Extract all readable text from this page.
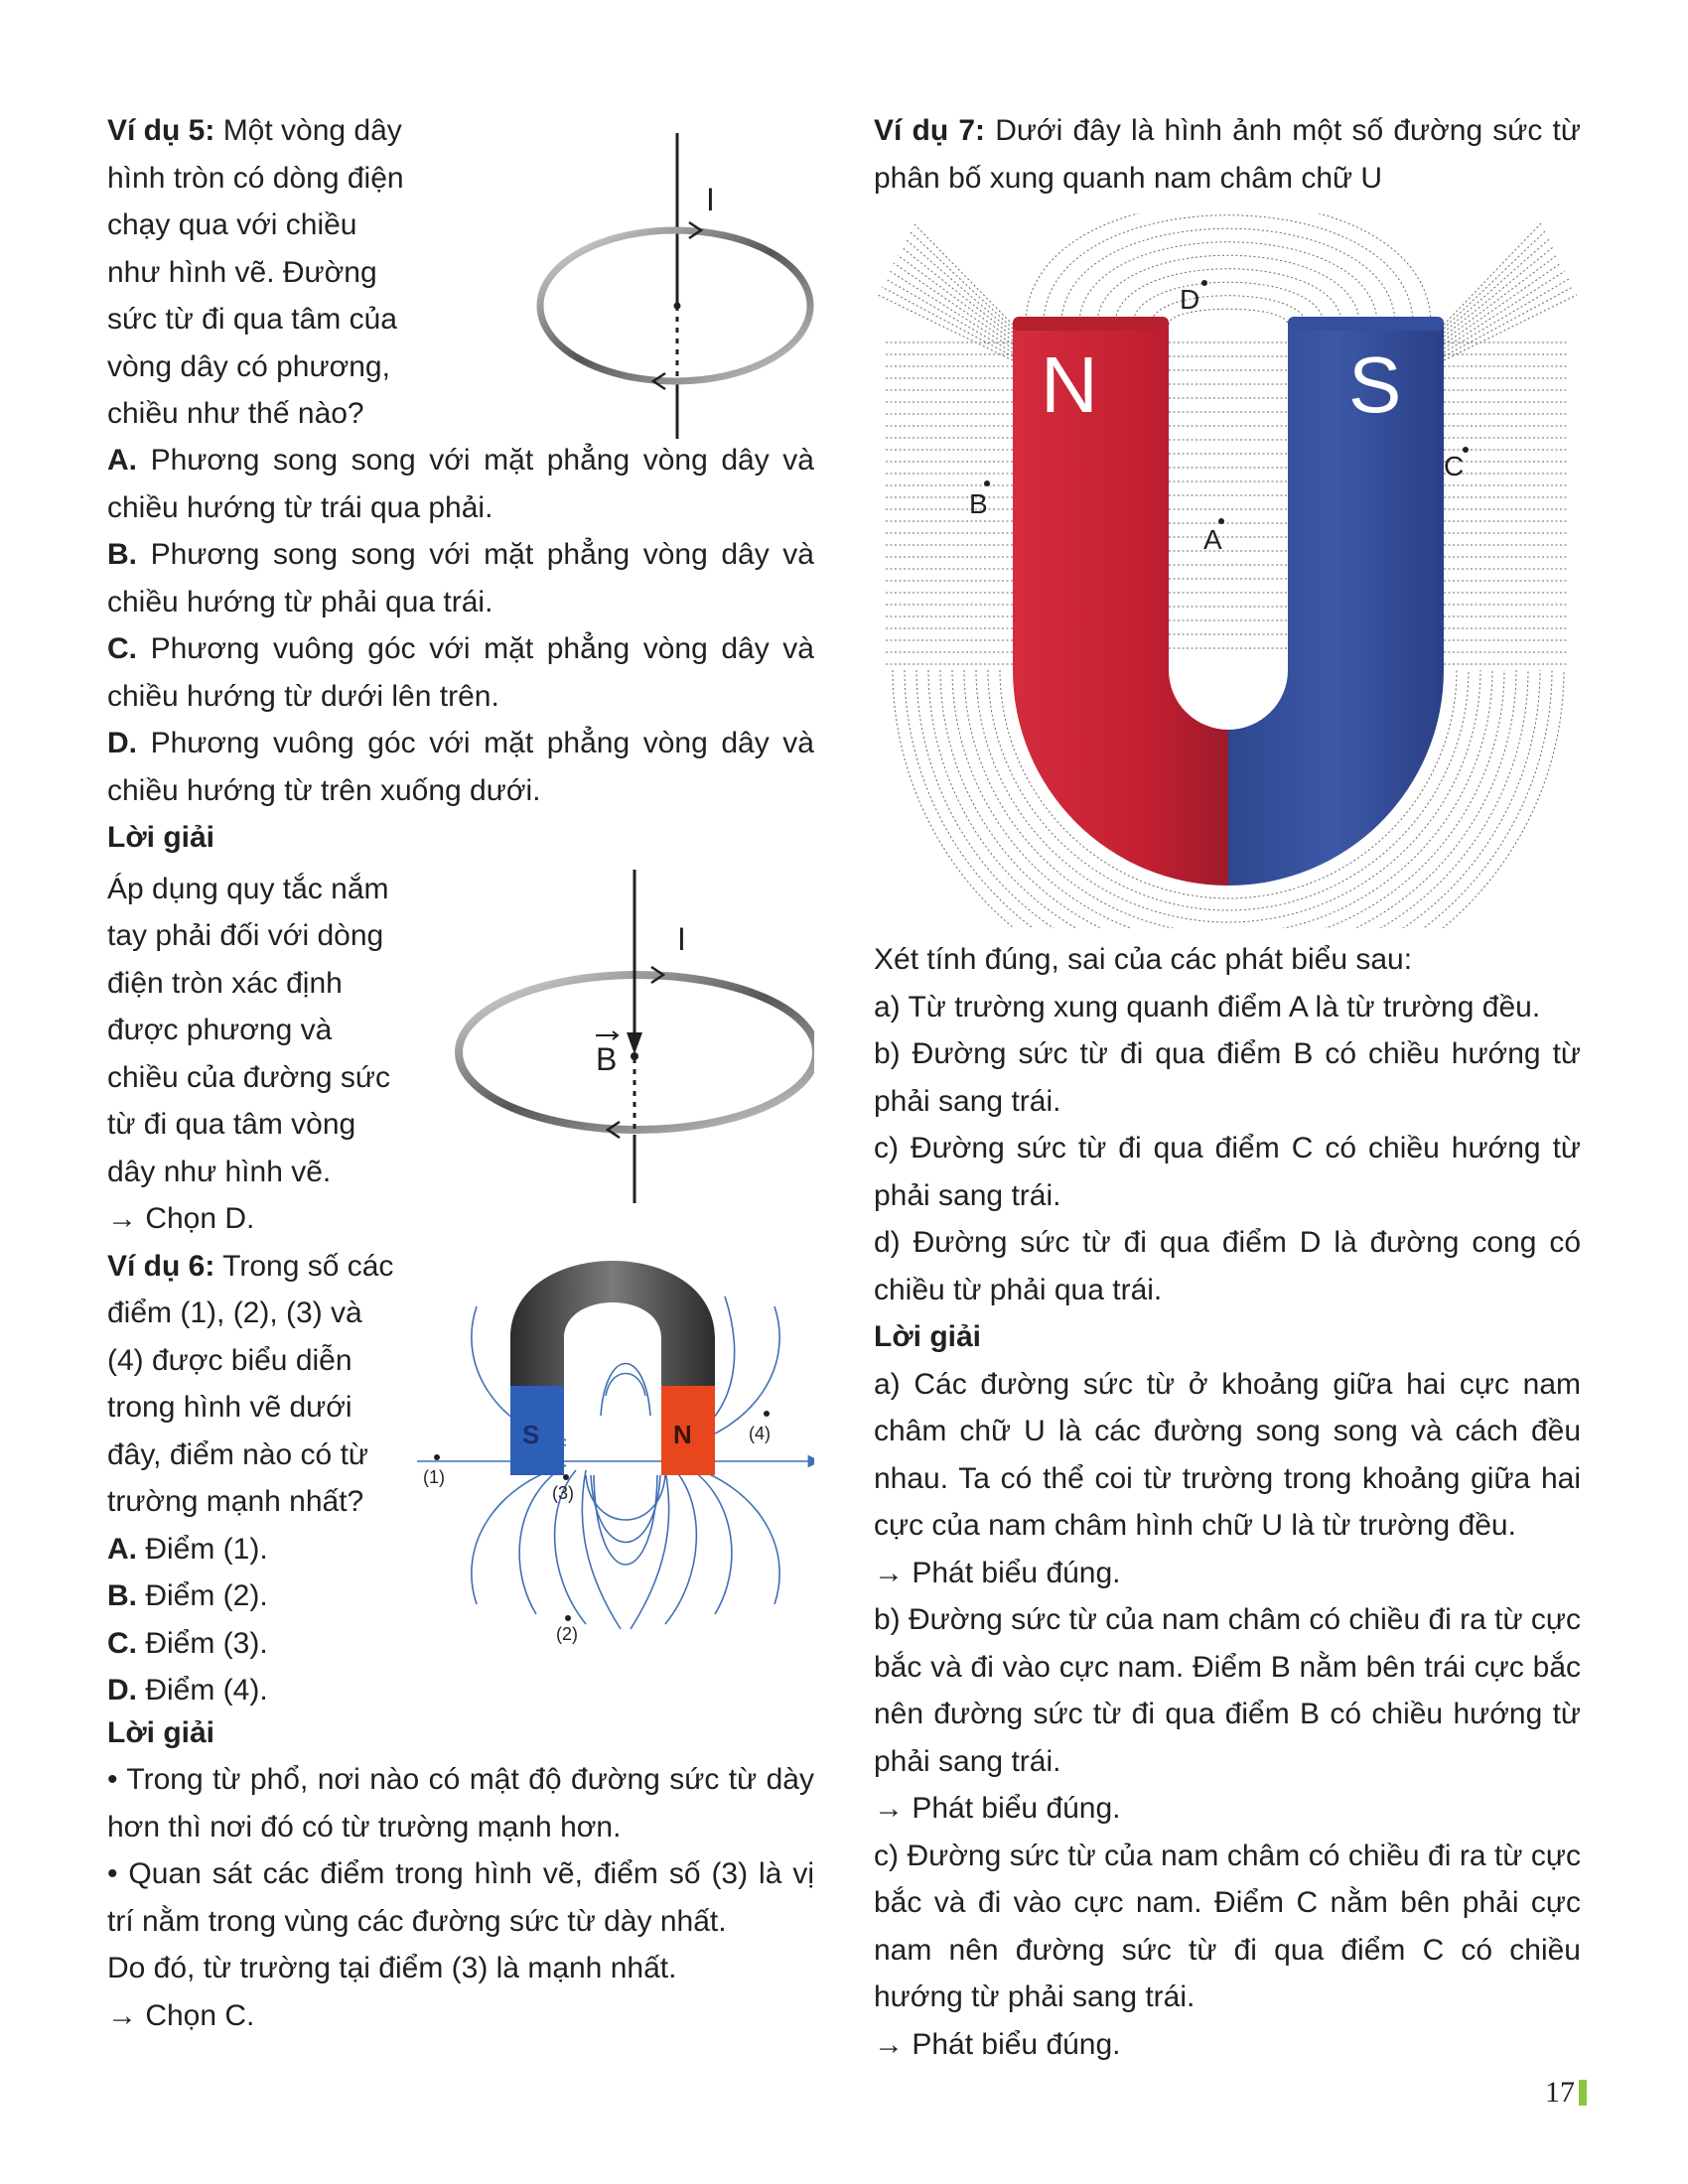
Ví dụ 5: Một vòng dây

hình tròn có dòng điện

chạy qua với chiều

như hình vẽ. Đường

sức từ đi qua tâm của

vòng dây có phương,

chiều như thế nào?

I

A. Phương song song với mặt phẳng vòng dây và chiều hướng từ trái qua phải.

B. Phương song song với mặt phẳng vòng dây và chiều hướng từ phải qua trái.

C. Phương vuông góc với mặt phẳng vòng dây và chiều hướng từ dưới lên trên.

D. Phương vuông góc với mặt phẳng vòng dây và chiều hướng từ trên xuống dưới.

Lời giải

Áp dụng quy tắc nắm

tay phải đối với dòng

điện tròn xác định

được phương và

chiều của đường sức

từ đi qua tâm vòng

dây như hình vẽ.

→ Chọn D.

I
B

Ví dụ 6: Trong số các

điểm (1), (2), (3) và

(4) được biểu diễn

trong hình vẽ dưới

đây, điểm nào có từ

trường mạnh nhất?

A. Điểm (1).

B. Điểm (2).

C. Điểm (3).

D. Điểm (4).

S	N
(1)
(3)
(2)
(4)

Lời giải

• Trong từ phổ, nơi nào có mật độ đường sức từ dày hơn thì nơi đó có từ trường mạnh hơn.

• Quan sát các điểm trong hình vẽ, điểm số (3) là vị trí nằm trong vùng các đường sức từ dày nhất.

Do đó, từ trường tại điểm (3) là mạnh nhất.

→ Chọn C.

Ví dụ 7: Dưới đây là hình ảnh một số đường sức từ phân bố xung quanh nam châm chữ U

N	S
D
B
A
C

Xét tính đúng, sai của các phát biểu sau:

a) Từ trường xung quanh điểm A là từ trường đều.

b) Đường sức từ đi qua điểm B có chiều hướng từ phải sang trái.

c) Đường sức từ đi qua điểm C có chiều hướng từ phải sang trái.

d) Đường sức từ đi qua điểm D là đường cong có chiều từ phải qua trái.

Lời giải

a) Các đường sức từ ở khoảng giữa hai cực nam châm chữ U là các đường song song và cách đều nhau. Ta có thể coi từ trường trong khoảng giữa hai cực của nam châm hình chữ U là từ trường đều.

→ Phát biểu đúng.

b) Đường sức từ của nam châm có chiều đi ra từ cực bắc và đi vào cực nam. Điểm B nằm bên trái cực bắc nên đường sức từ đi qua điểm B có chiều hướng từ phải sang trái.

→ Phát biểu đúng.

c) Đường sức từ của nam châm có chiều đi ra từ cực bắc và đi vào cực nam. Điểm C nằm bên phải cực nam nên đường sức từ đi qua điểm C có chiều hướng từ phải sang trái.

→ Phát biểu đúng.

17
